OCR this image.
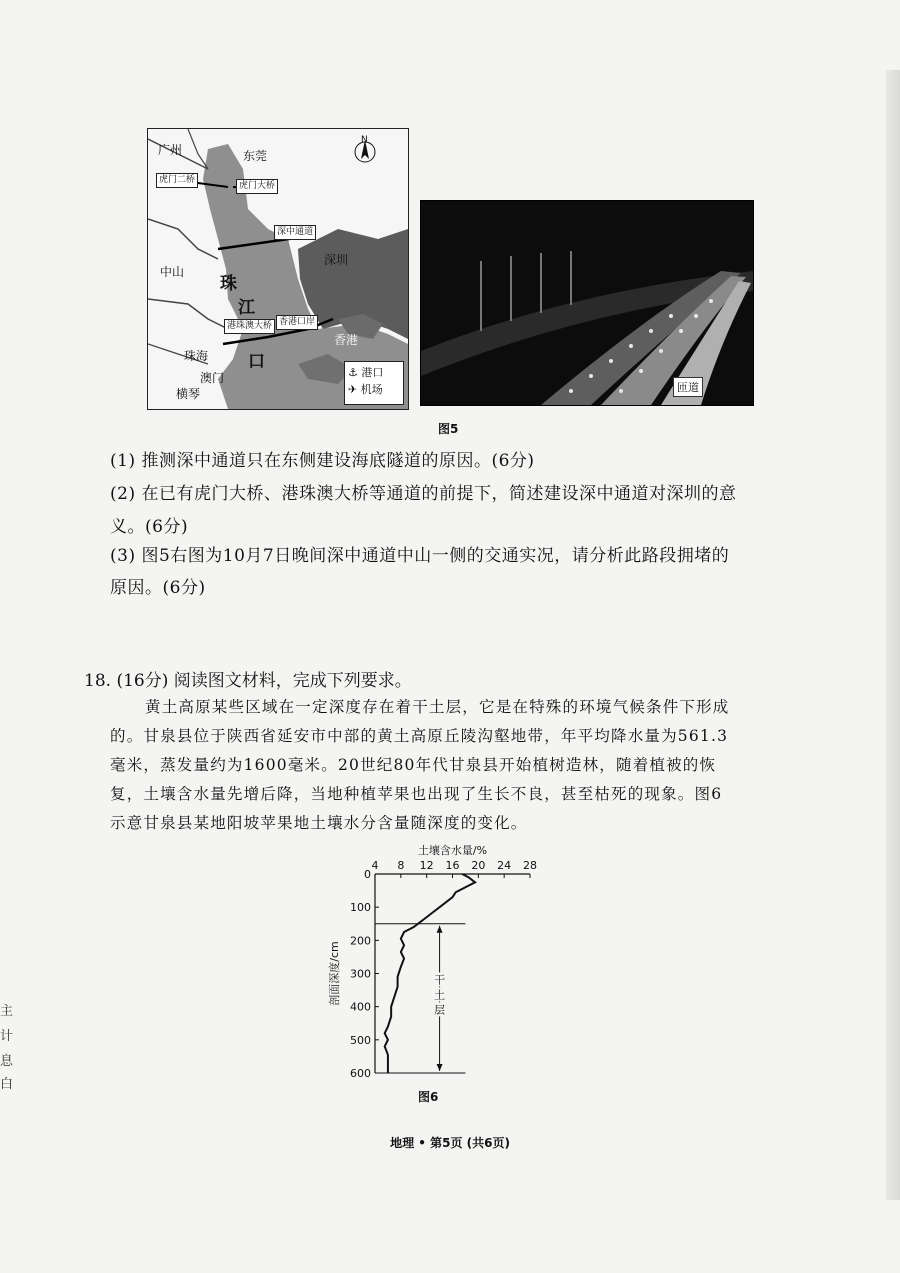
广州	东莞
虎门二桥
虎门大桥
深中通道
中山
深圳
珠
江
口
港珠澳大桥 香港口岸
香港
珠海
澳门
横琴
N
⚓ 港口
✈ 机场	匝道
图5
(1) 推测深中通道只在东侧建设海底隧道的原因。(6分)
(2) 在已有虎门大桥、港珠澳大桥等通道的前提下，简述建设深中通道对深圳的意
义。(6分)
(3) 图5右图为10月7日晚间深中通道中山一侧的交通实况，请分析此路段拥堵的
原因。(6分)
18. (16分) 阅读图文材料，完成下列要求。
黄土高原某些区域在一定深度存在着干土层，它是在特殊的环境气候条件下形成
的。甘泉县位于陕西省延安市中部的黄土高原丘陵沟壑地带，年平均降水量为561.3
毫米，蒸发量约为1600毫米。20世纪80年代甘泉县开始植树造林，随着植被的恢
复，土壤含水量先增后降，当地种植苹果也出现了生长不良，甚至枯死的现象。图6
示意甘泉县某地阳坡苹果地土壤水分含量随深度的变化。
土壤含水量/%
4 8 12 16 20 24 28
0
100
200
300
400
500
600
剖面深度/cm	干
土
层
图6
地理 • 第5页 (共6页)
主
计
息
白
